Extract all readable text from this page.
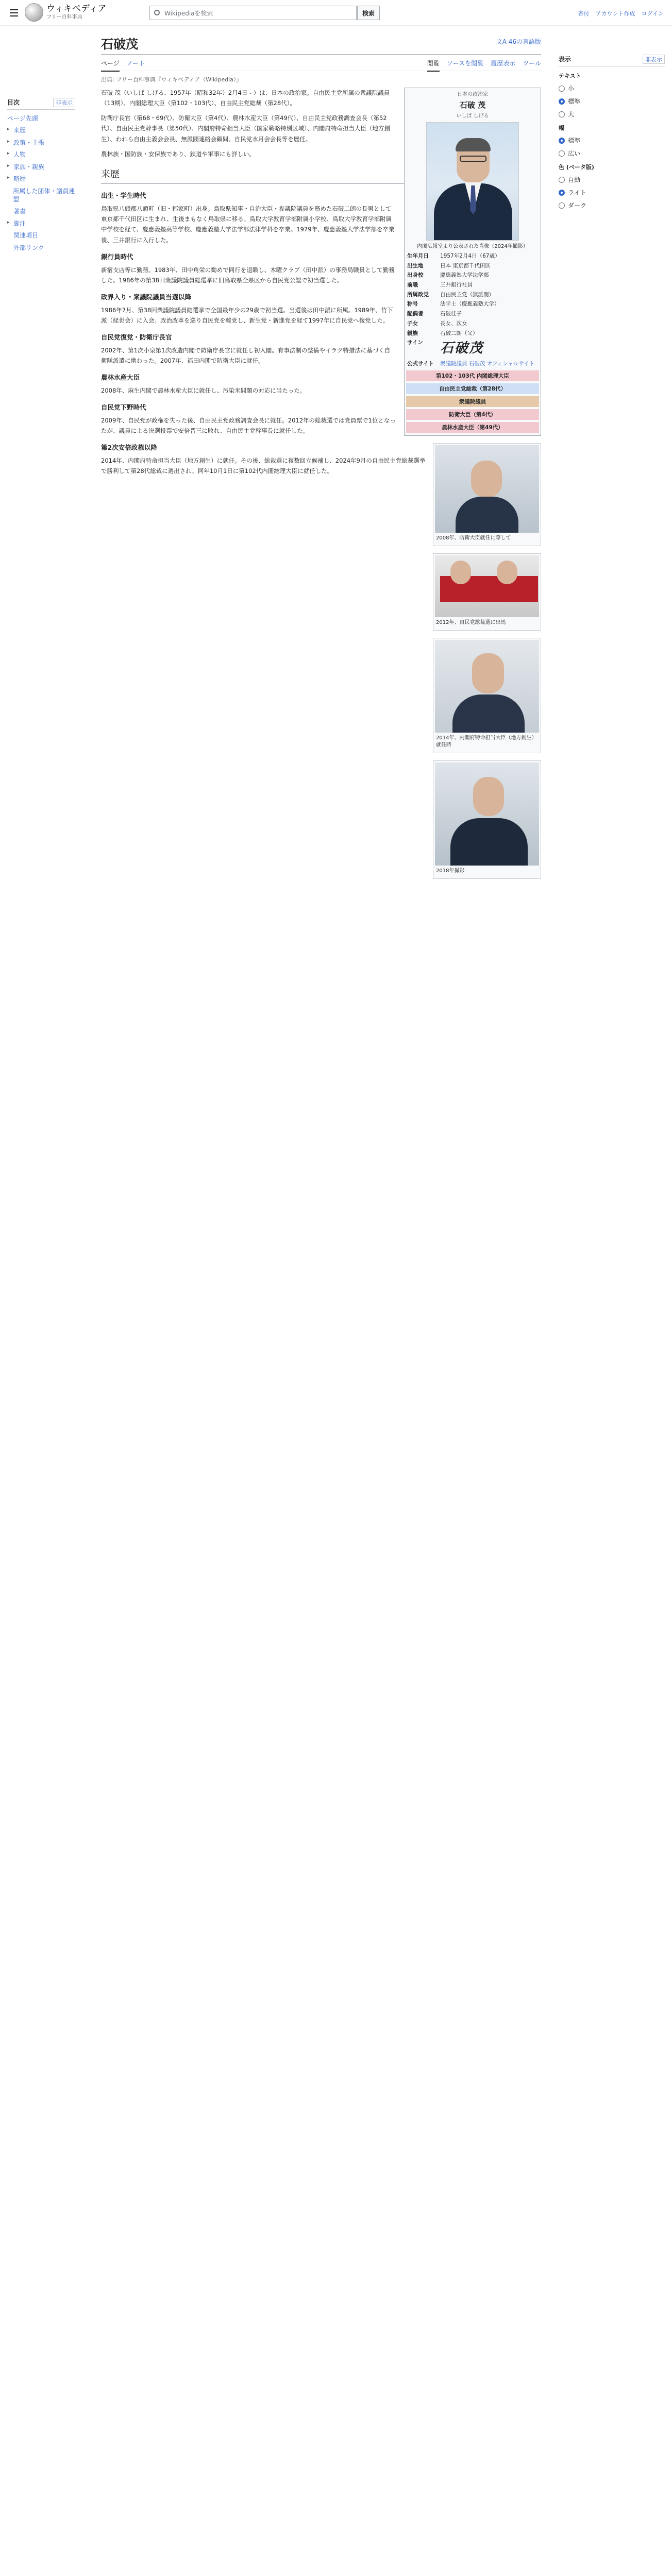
ウィキペディア
フリー百科事典
Wikipediaを検索	検索	寄付 アカウント作成 ログイン
目次	非表示
ページ先頭
▸ 来歴
▸ 政策・主張
▸ 人物
▸ 家族・親族
▸ 略歴
所属した団体・議員連盟
著書
▸ 脚注
関連項目
外部リンク
表示	非表示
テキスト
小
標準
大
幅
標準
広い
色 (ベータ版)
自動
ライト
ダーク
石破茂	文A 46の言語版
ページ ノート	閲覧 ソースを閲覧 履歴表示 ツール
出典: フリー百科事典『ウィキペディア（Wikipedia）』
日本の政治家
石破 茂
いしば しげる
内閣広報室より公表された肖像（2024年撮影）
生年月日	1957年2月4日（67歳）
出生地	日本 東京都千代田区
出身校	慶應義塾大学法学部
前職	三井銀行社員
所属政党	自由民主党（無派閥）
称号	法学士（慶應義塾大学）
配偶者	石破佳子
子女	長女、次女
親族	石破二朗（父）
サイン	石破茂
公式サイト	衆議院議員 石破茂 オフィシャルサイト
第102・103代 内閣総理大臣
自由民主党総裁（第28代）
衆議院議員
防衛大臣（第4代）
農林水産大臣（第49代）

石破 茂（いしば しげる、1957年（昭和32年）2月4日 - ）は、日本の政治家。自由民主党所属の衆議院議員（13期）、内閣総理大臣（第102・103代）、自由民主党総裁（第28代）。

防衛庁長官（第68・69代）、防衛大臣（第4代）、農林水産大臣（第49代）、自由民主党政務調査会長（第52代）、自由民主党幹事長（第50代）、内閣府特命担当大臣（国家戦略特別区域）、内閣府特命担当大臣（地方創生）、われら自由主義会会長、無派閥連絡会顧問、自民党水月会会長等を歴任。

農林族・国防族・安保族であり、鉄道や軍事にも詳しい。

来歴
出生・学生時代

鳥取県八頭郡八頭町（旧・郡家町）出身。鳥取県知事・自治大臣・参議院議員を務めた石破二朗の長男として東京都千代田区に生まれ、生後まもなく鳥取県に移る。鳥取大学教育学部附属小学校、鳥取大学教育学部附属中学校を経て、慶應義塾高等学校、慶應義塾大学法学部法律学科を卒業。1979年、慶應義塾大学法学部を卒業後、三井銀行に入行した。

銀行員時代

新宿支店等に勤務。1983年、田中角栄の勧めで同行を退職し、木曜クラブ（田中派）の事務局職員として勤務した。1986年の第38回衆議院議員総選挙に旧鳥取県全県区から自民党公認で初当選した。

政界入り・衆議院議員当選以降

1986年7月、第38回衆議院議員総選挙で全国最年少の29歳で初当選。当選後は田中派に所属。1989年、竹下派（経世会）に入会。政治改革を巡り自民党を離党し、新生党・新進党を経て1997年に自民党へ復党した。

2008年、防衛大臣就任に際して
自民党復党・防衛庁長官

2002年、第1次小泉第1次改造内閣で防衛庁長官に就任し初入閣。有事法制の整備やイラク特措法に基づく自衛隊派遣に携わった。2007年、福田内閣で防衛大臣に就任。

農林水産大臣

2008年、麻生内閣で農林水産大臣に就任し、汚染米問題の対応に当たった。

2012年、自民党総裁選に出馬
自民党下野時代

2009年、自民党が政権を失った後、自由民主党政務調査会長に就任。2012年の総裁選では党員票で1位となったが、議員による決選投票で安倍晋三に敗れ、自由民主党幹事長に就任した。

2014年、内閣府特命担当大臣（地方創生）就任時
第2次安倍政権以降

2014年、内閣府特命担当大臣（地方創生）に就任。その後、総裁選に複数回立候補し、2024年9月の自由民主党総裁選挙で勝利して第28代総裁に選出され、同年10月1日に第102代内閣総理大臣に就任した。

2018年撮影
